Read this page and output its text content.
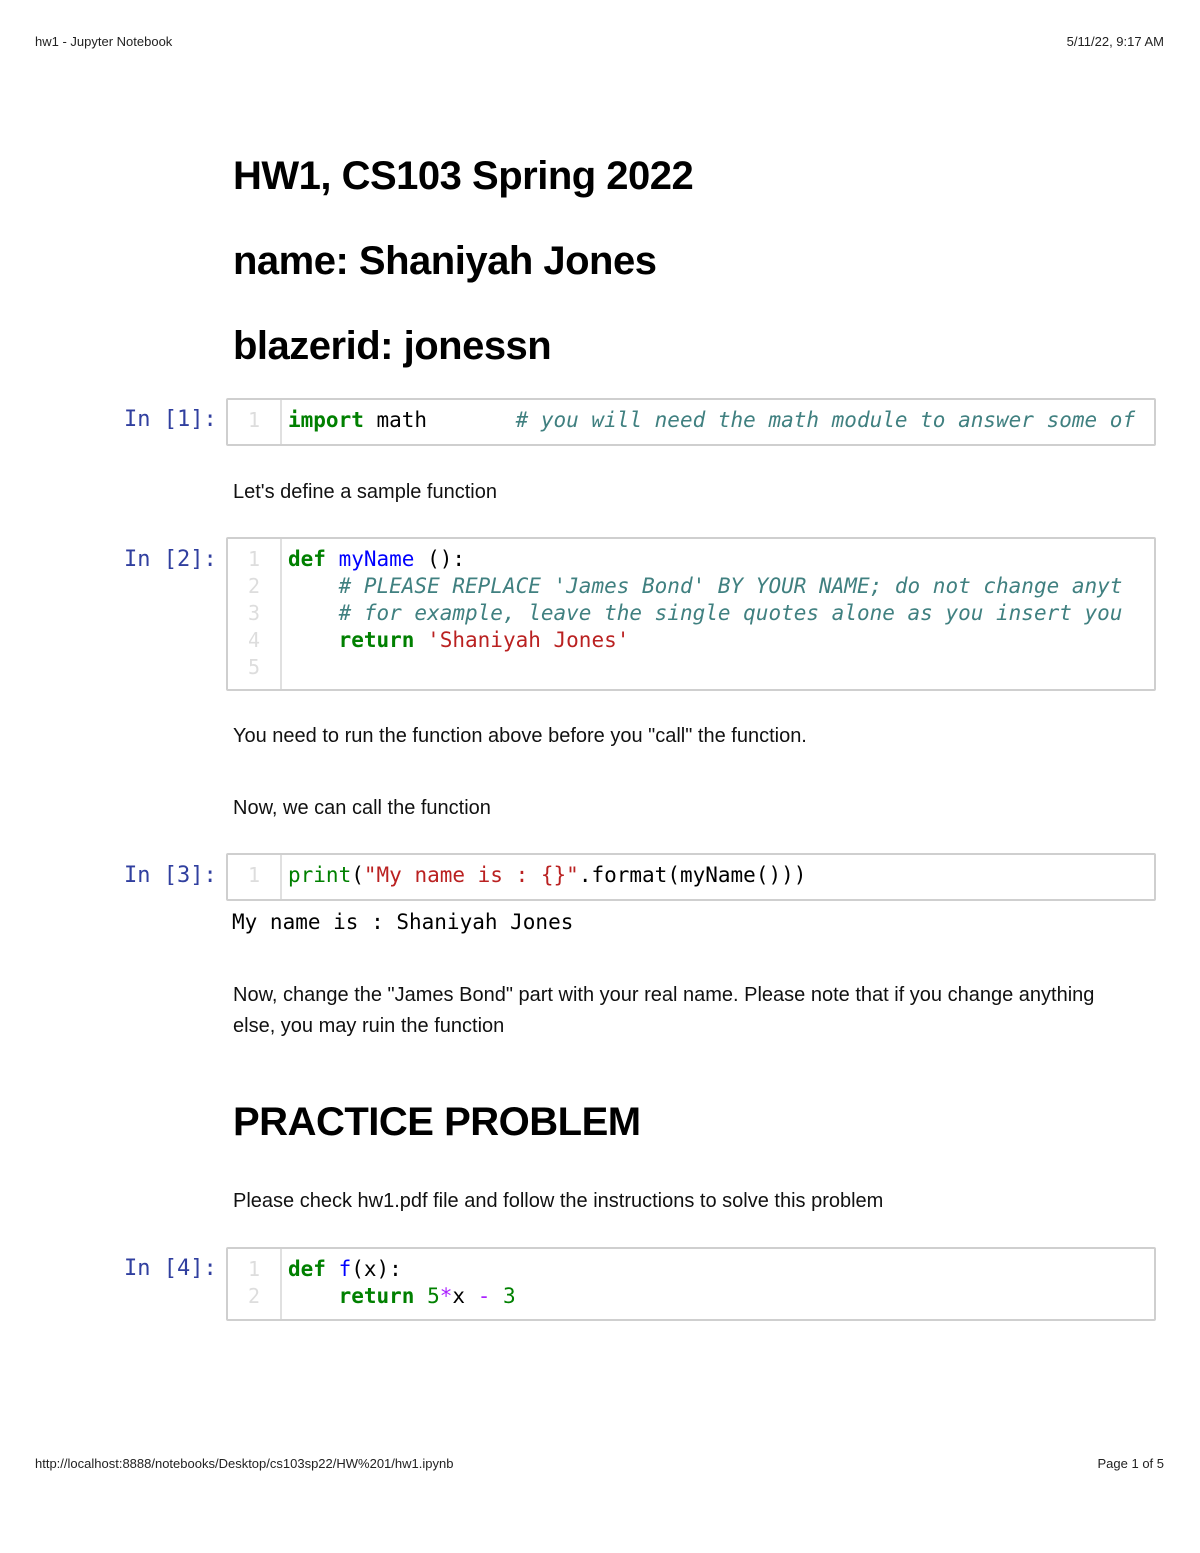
hw1 - Jupyter Notebook	5/11/22, 9:17 AM
HW1, CS103 Spring 2022
name: Shaniyah Jones
blazerid: jonessn
In [1]:	1	import math       # you will need the math module to answer some of
Let's define a sample function
In [2]:	1
2
3
4
5
def myName ():
# PLEASE REPLACE 'James Bond' BY YOUR NAME; do not change anyt
# for example, leave the single quotes alone as you insert you
return 'Shaniyah Jones'
You need to run the function above before you "call" the function.
Now, we can call the function
In [3]:	1	print("My name is : {}".format(myName()))
My name is : Shaniyah Jones
Now, change the "James Bond" part with your real name. Please note that if you change anything else, you may ruin the function
PRACTICE PROBLEM
Please check hw1.pdf file and follow the instructions to solve this problem
In [4]:	1
2
def f(x):
return 5*x - 3
http://localhost:8888/notebooks/Desktop/cs103sp22/HW%201/hw1.ipynb	Page 1 of 5
